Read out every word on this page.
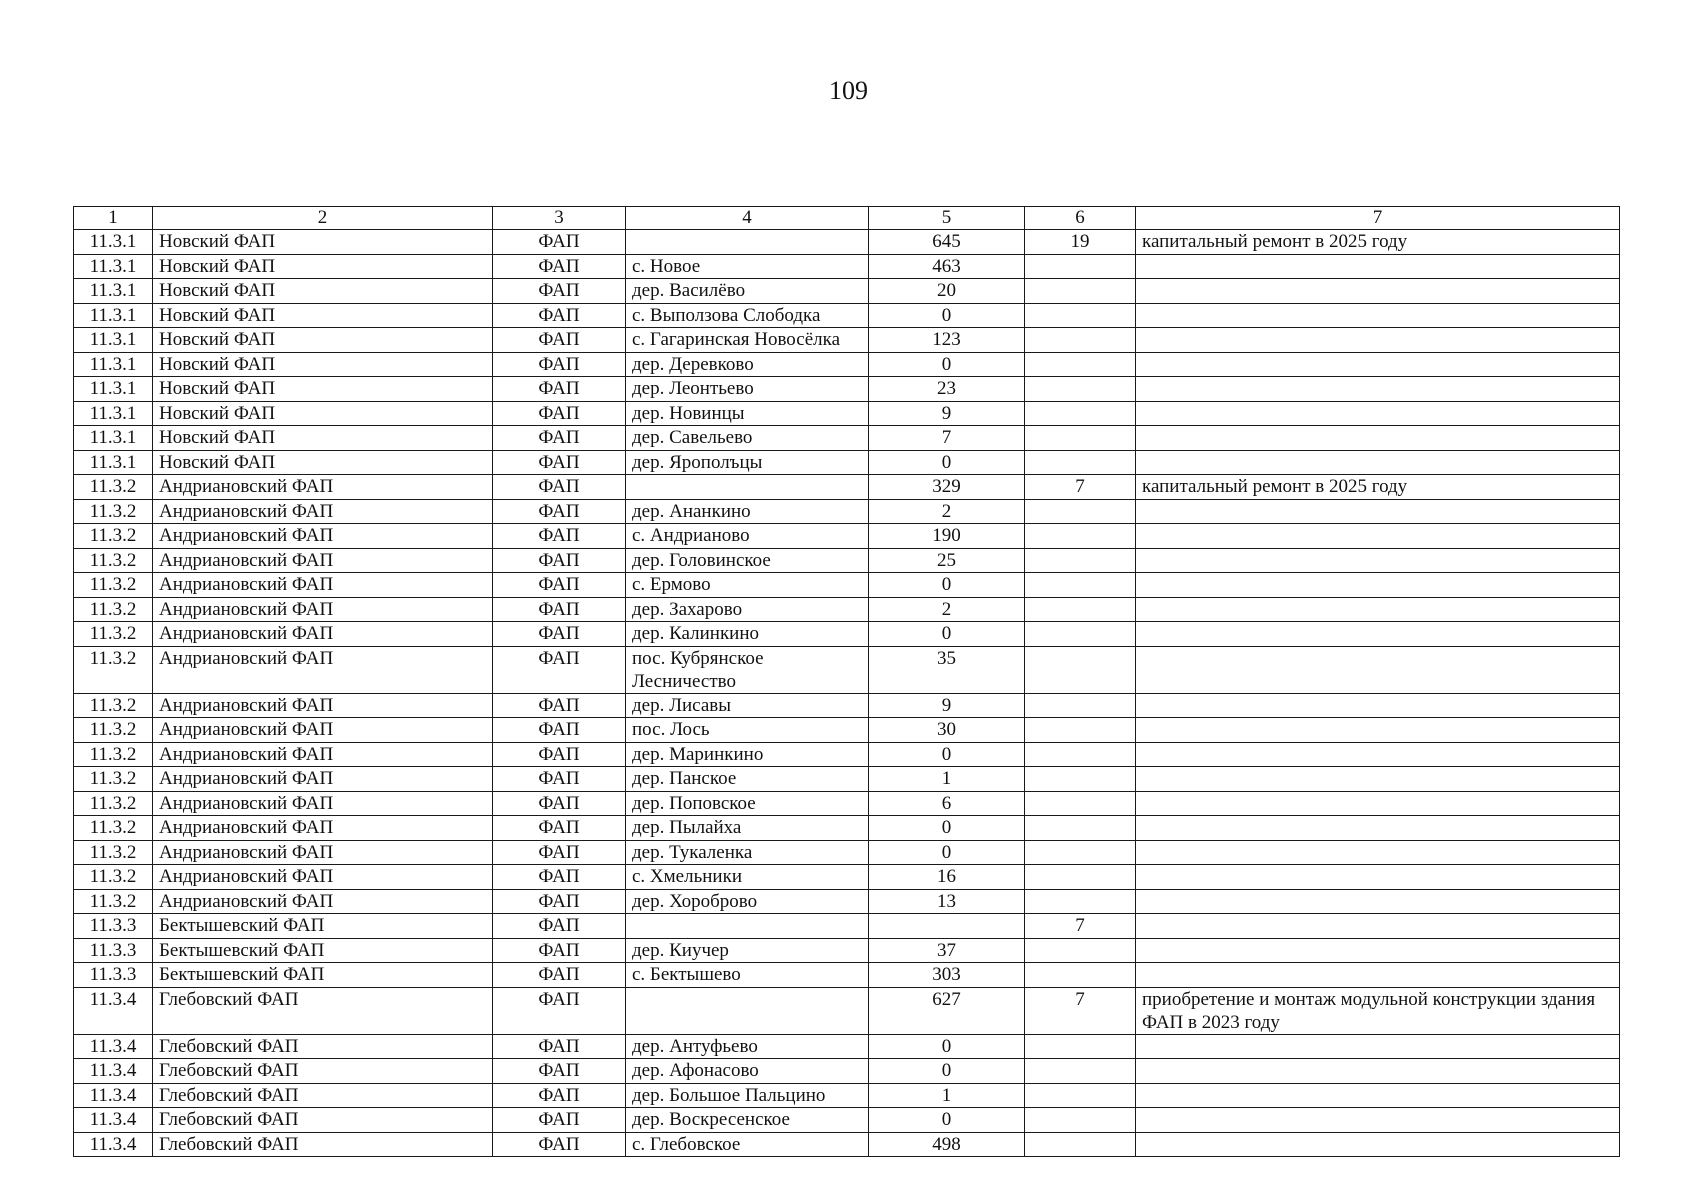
109
1	2	3	4	5	6	7
11.3.1	Новский ФАП	ФАП		645	19	капитальный ремонт в 2025 году
11.3.1	Новский ФАП	ФАП	с. Новое	463		
11.3.1	Новский ФАП	ФАП	дер. Василёво	20		
11.3.1	Новский ФАП	ФАП	с. Выползова Слободка	0		
11.3.1	Новский ФАП	ФАП	с. Гагаринская Новосёлка	123		
11.3.1	Новский ФАП	ФАП	дер. Деревково	0		
11.3.1	Новский ФАП	ФАП	дер. Леонтьево	23		
11.3.1	Новский ФАП	ФАП	дер. Новинцы	9		
11.3.1	Новский ФАП	ФАП	дер. Савельево	7		
11.3.1	Новский ФАП	ФАП	дер. Ярополъцы	0		
11.3.2	Андриановский ФАП	ФАП		329	7	капитальный ремонт в 2025 году
11.3.2	Андриановский ФАП	ФАП	дер. Ананкино	2		
11.3.2	Андриановский ФАП	ФАП	с. Андрианово	190		
11.3.2	Андриановский ФАП	ФАП	дер. Головинское	25		
11.3.2	Андриановский ФАП	ФАП	с. Ермово	0		
11.3.2	Андриановский ФАП	ФАП	дер. Захарово	2		
11.3.2	Андриановский ФАП	ФАП	дер. Калинкино	0		
11.3.2	Андриановский ФАП	ФАП	пос. Кубрянское Лесничество	35		
11.3.2	Андриановский ФАП	ФАП	дер. Лисавы	9		
11.3.2	Андриановский ФАП	ФАП	пос. Лось	30		
11.3.2	Андриановский ФАП	ФАП	дер. Маринкино	0		
11.3.2	Андриановский ФАП	ФАП	дер. Панское	1		
11.3.2	Андриановский ФАП	ФАП	дер. Поповское	6		
11.3.2	Андриановский ФАП	ФАП	дер. Пылайха	0		
11.3.2	Андриановский ФАП	ФАП	дер. Тукаленка	0		
11.3.2	Андриановский ФАП	ФАП	с. Хмельники	16		
11.3.2	Андриановский ФАП	ФАП	дер. Хороброво	13		
11.3.3	Бектышевский ФАП	ФАП			7	
11.3.3	Бектышевский ФАП	ФАП	дер. Киучер	37		
11.3.3	Бектышевский ФАП	ФАП	с. Бектышево	303		
11.3.4	Глебовский ФАП	ФАП		627	7	приобретение и монтаж модульной конструкции здания ФАП в 2023 году
11.3.4	Глебовский ФАП	ФАП	дер. Антуфьево	0		
11.3.4	Глебовский ФАП	ФАП	дер. Афонасово	0		
11.3.4	Глебовский ФАП	ФАП	дер. Большое Пальцино	1		
11.3.4	Глебовский ФАП	ФАП	дер. Воскресенское	0		
11.3.4	Глебовский ФАП	ФАП	с. Глебовское	498		
